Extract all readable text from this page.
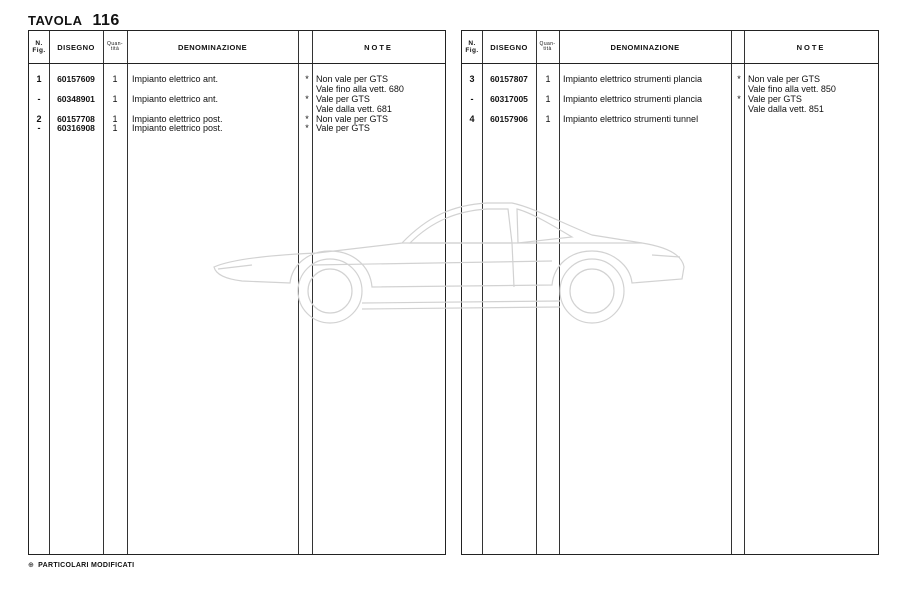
TAVOLA 116
N.
Fig.	DISEGNO	Quan-
tità	DENOMINAZIONE	NOTE
1	60157609	1	Impianto elettrico ant.	* Non vale per GTS
Vale fino alla vett. 680
-	60348901	1	Impianto elettrico ant.	* Vale per GTS
Vale dalla vett. 681
2	60157708	1	Impianto elettrico post.	* Non vale per GTS
-	60316908	1	Impianto elettrico post.	* Vale per GTS
N.
Fig.	DISEGNO	Quan-
tità	DENOMINAZIONE	NOTE
3	60157807	1	Impianto elettrico strumenti plancia	* Non vale per GTS
Vale fino alla vett. 850
-	60317005	1	Impianto elettrico strumenti plancia	* Vale per GTS
Vale dalla vett. 851
4	60157906	1	Impianto elettrico strumenti tunnel
⊕ PARTICOLARI MODIFICATI
